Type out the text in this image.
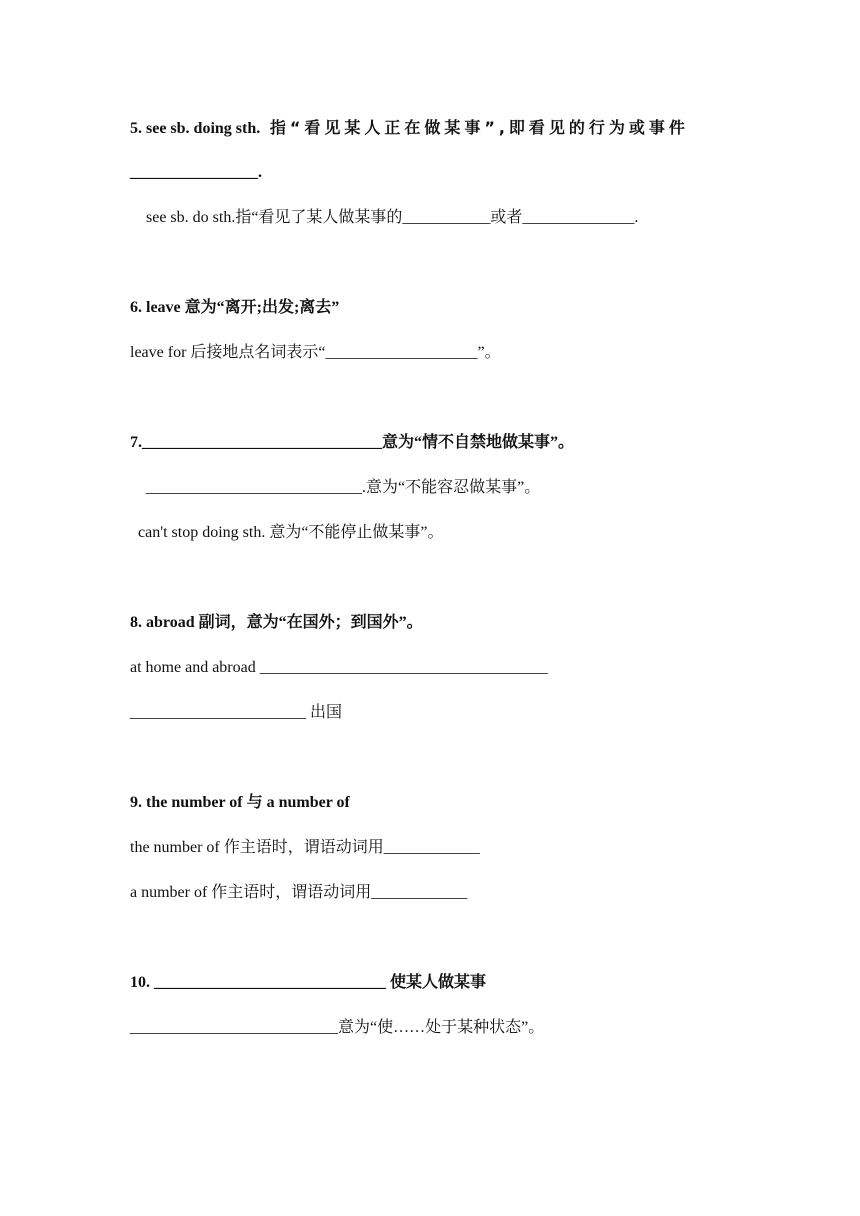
5. see sb. doing sth. 指“看见某人正在做某事”,即看见的行为或事件
________________.
see sb. do sth.指“看见了某人做某事的___________或者______________.
6. leave 意为“离开;出发;离去”
leave for 后接地点名词表示“___________________”。
7.______________________________意为“情不自禁地做某事”。
___________________________.意为“不能容忍做某事”。
can't stop doing sth. 意为“不能停止做某事”。
8. abroad 副词，意为“在国外；到国外”。
at home and abroad ____________________________________
______________________ 出国
9. the number of 与 a number of
the number of 作主语时，谓语动词用____________
a number of 作主语时，谓语动词用____________
10. _____________________________ 使某人做某事
__________________________意为“使……处于某种状态”。
